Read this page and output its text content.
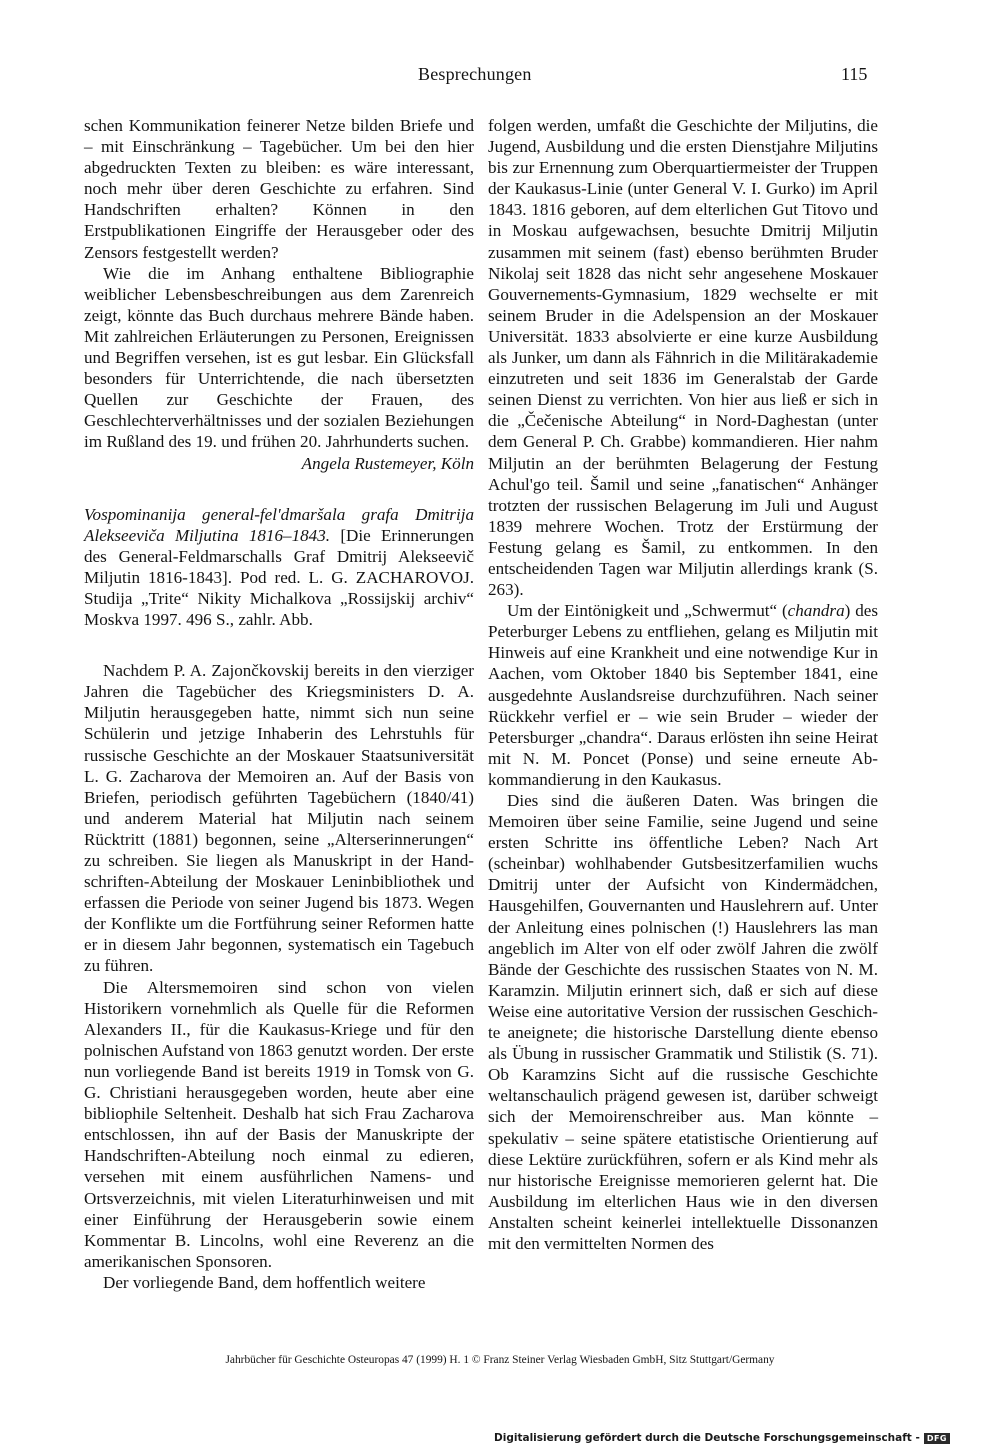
Besprechungen	115

schen Kommunikation feinerer Netze bilden Briefe und – mit Einschränkung – Tagebücher. Um bei den hier abgedruckten Texten zu bleiben: es wäre interessant, noch mehr über deren Geschichte zu erfahren. Sind Handschriften erhalten? Können in den Erstpublikationen Eingriffe der Herausgeber oder des Zensors festgestellt werden?

Wie die im Anhang enthaltene Bibliographie weiblicher Lebensbeschreibungen aus dem Zarenreich zeigt, könnte das Buch durchaus mehrere Bände haben. Mit zahlreichen Erläuterungen zu Personen, Ereignissen und Begriffen versehen, ist es gut lesbar. Ein Glücksfall besonders für Unterrichtende, die nach übersetzten Quellen zur Geschichte der Frauen, des Geschlechterverhältnisses und der sozialen Beziehungen im Rußland des 19. und frühen 20. Jahrhunderts suchen.

Angela Rustemeyer, Köln

Vospominanija general-fel'dmaršala grafa Dmitrija Alekseeviča Miljutina 1816–1843. [Die Erinnerungen des General-Feldmarschalls Graf Dmitrij Alekseevič Miljutin 1816-1843]. Pod red. L. G. ZACHAROVOJ. Studija „Trite“ Nikity Michalkova „Rossijskij archiv“ Moskva 1997. 496 S., zahlr. Abb.

Nachdem P. A. Zajončkovskij bereits in den vierziger Jahren die Tagebücher des Kriegsministers D. A. Miljutin herausgegeben hatte, nimmt sich nun seine Schülerin und jetzige Inhaberin des Lehrstuhls für russische Geschichte an der Moskauer Staatsuniversität L. G. Zacharova der Memoiren an. Auf der Basis von Briefen, periodisch geführten Tagebüchern (1840/41) und anderem Material hat Miljutin nach seinem Rücktritt (1881) begonnen, seine „Alterserinnerungen“ zu schreiben. Sie liegen als Manuskript in der Handschriften-Abteilung der Moskauer Leninbibliothek und erfassen die Periode von seiner Jugend bis 1873. Wegen der Konflikte um die Fortführung seiner Reformen hatte er in diesem Jahr begonnen, systematisch ein Tagebuch zu führen.

Die Altersmemoiren sind schon von vielen Historikern vornehmlich als Quelle für die Reformen Alexanders II., für die Kaukasus-Kriege und für den polnischen Aufstand von 1863 genutzt worden. Der erste nun vorliegende Band ist bereits 1919 in Tomsk von G. G. Christiani herausgegeben worden, heute aber eine bibliophile Seltenheit. Deshalb hat sich Frau Zacharova entschlossen, ihn auf der Basis der Manuskripte der Handschriften-Abteilung noch einmal zu edieren, versehen mit einem ausführlichen Namens- und Ortsverzeichnis, mit vielen Literaturhinweisen und mit einer Einführung der Herausgeberin sowie einem Kommentar B. Lincolns, wohl eine Reverenz an die amerikanischen Sponsoren.

Der vorliegende Band, dem hoffentlich weitere

folgen werden, umfaßt die Geschichte der Miljutins, die Jugend, Ausbildung und die ersten Dienstjahre Miljutins bis zur Ernennung zum Oberquartiermeister der Truppen der Kaukasus-Linie (unter General V. I. Gurko) im April 1843. 1816 geboren, auf dem elterlichen Gut Titovo und in Moskau aufgewachsen, besuchte Dmitrij Miljutin zusammen mit seinem (fast) ebenso berühmten Bruder Nikolaj seit 1828 das nicht sehr angesehene Moskauer Gouvernements-Gymnasium, 1829 wechselte er mit seinem Bruder in die Adelspension an der Moskauer Universität. 1833 absolvierte er eine kurze Ausbildung als Junker, um dann als Fähnrich in die Militärakademie einzutreten und seit 1836 im Generalstab der Garde seinen Dienst zu verrichten. Von hier aus ließ er sich in die „Čečenische Abteilung“ in Nord-Daghestan (unter dem General P. Ch. Grabbe) kommandieren. Hier nahm Miljutin an der berühmten Belagerung der Festung Achul'go teil. Šamil und seine „fanatischen“ Anhänger trotzten der russischen Belagerung im Juli und August 1839 mehrere Wochen. Trotz der Erstürmung der Festung gelang es Šamil, zu entkommen. In den entscheidenden Tagen war Miljutin allerdings krank (S. 263).

Um der Eintönigkeit und „Schwermut“ (chandra) des Peterburger Lebens zu entfliehen, gelang es Miljutin mit Hinweis auf eine Krankheit und eine notwendige Kur in Aachen, vom Oktober 1840 bis September 1841, eine ausgedehnte Auslandsreise durchzuführen. Nach seiner Rückkehr verfiel er – wie sein Bruder – wieder der Petersburger „chandra“. Daraus erlösten ihn seine Heirat mit N. M. Poncet (Ponse) und seine erneute Abkommandierung in den Kaukasus.

Dies sind die äußeren Daten. Was bringen die Memoiren über seine Familie, seine Jugend und seine ersten Schritte ins öffentliche Leben? Nach Art (scheinbar) wohlhabender Gutsbesitzerfamilien wuchs Dmitrij unter der Aufsicht von Kindermädchen, Hausgehilfen, Gouvernanten und Hauslehrern auf. Unter der Anleitung eines polnischen (!) Hauslehrers las man angeblich im Alter von elf oder zwölf Jahren die zwölf Bände der Geschichte des russischen Staates von N. M. Karamzin. Miljutin erinnert sich, daß er sich auf diese Weise eine autoritative Version der russischen Geschichte aneignete; die historische Darstellung diente ebenso als Übung in russischer Grammatik und Stilistik (S. 71). Ob Karamzins Sicht auf die russische Geschichte weltanschaulich prägend gewesen ist, darüber schweigt sich der Memoirenschreiber aus. Man könnte – spekulativ – seine spätere etatistische Orientierung auf diese Lektüre zurückführen, sofern er als Kind mehr als nur historische Ereignisse memorieren gelernt hat. Die Ausbildung im elterlichen Haus wie in den diversen Anstalten scheint keinerlei intellektuelle Dissonanzen mit den vermittelten Normen des

Jahrbücher für Geschichte Osteuropas 47 (1999) H. 1 © Franz Steiner Verlag Wiesbaden GmbH, Sitz Stuttgart/Germany
Digitalisierung gefördert durch die Deutsche Forschungsgemeinschaft - DFG
